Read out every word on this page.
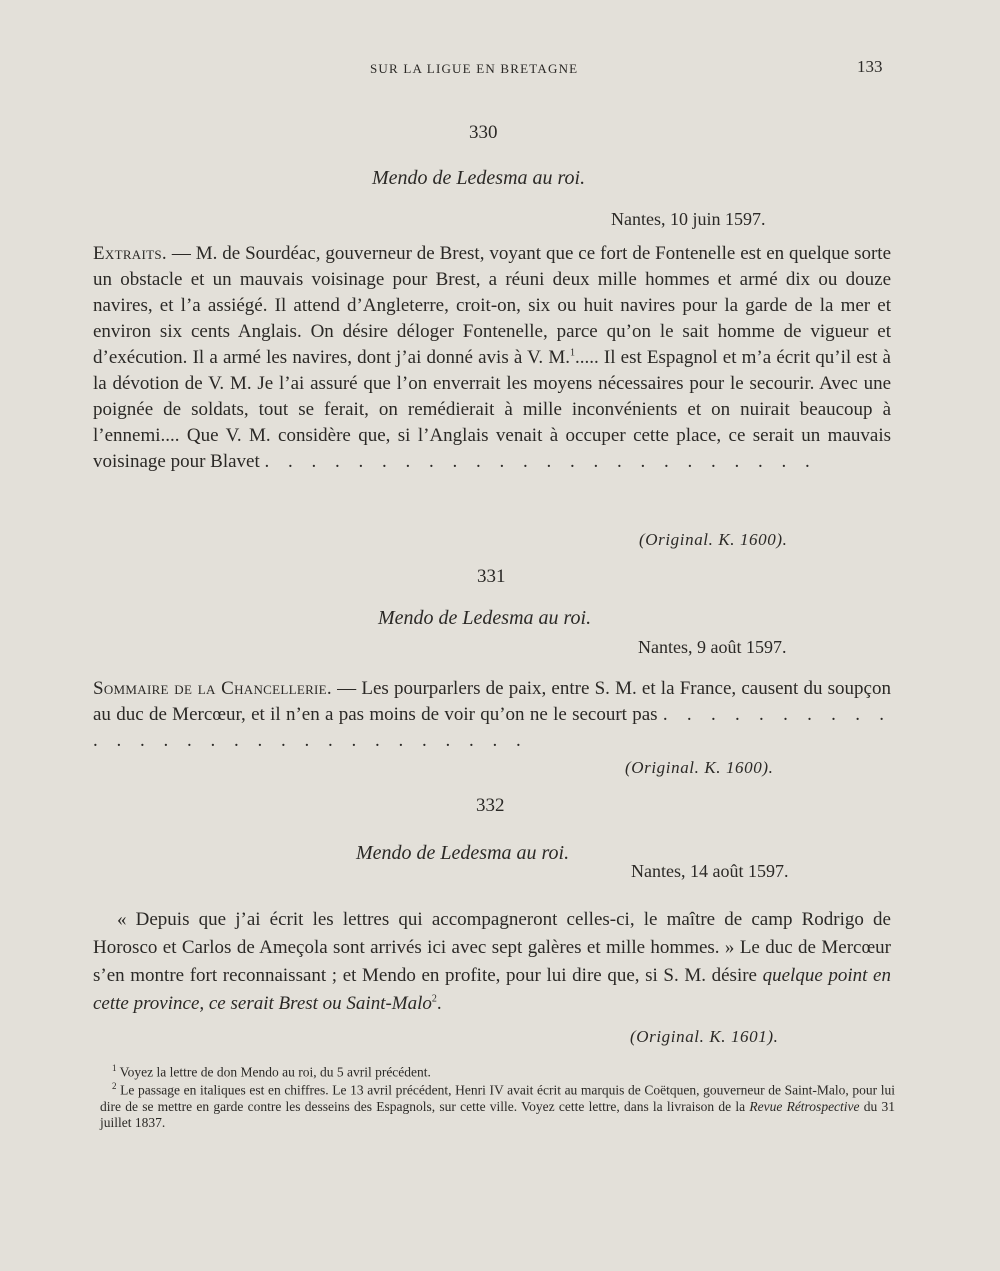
SUR LA LIGUE EN BRETAGNE	133
330
Mendo de Ledesma au roi.
Nantes, 10 juin 1597.

Extraits. — M. de Sourdéac, gouverneur de Brest, voyant que ce fort de Fontenelle est en quelque sorte un obstacle et un mauvais voisinage pour Brest, a réuni deux mille hommes et armé dix ou douze navires, et l’a assiégé. Il attend d’Angleterre, croit-on, six ou huit navires pour la garde de la mer et environ six cents Anglais. On désire déloger Fontenelle, parce qu’on le sait homme de vigueur et d’exécution. Il a armé les navires, dont j’ai donné avis à V. M.$^1$..... Il est Espagnol et m’a écrit qu’il est à la dévotion de V. M. Je l’ai assuré que l’on enverrait les moyens nécessaires pour le secourir. Avec une poignée de soldats, tout se ferait, on remédierait à mille inconvénients et on nuirait beaucoup à l’ennemi.... Que V. M. considère que, si l’Anglais venait à occuper cette place, ce serait un mauvais voisinage pour Blavet . . . . . . . . . . . . . . . . . . . . . . . .

(Original. K. 1600).
331
Mendo de Ledesma au roi.
Nantes, 9 août 1597.

Sommaire de la Chancellerie. — Les pourparlers de paix, entre S. M. et la France, causent du soupçon au duc de Mercœur, et il n’en a pas moins de voir qu’on ne le secourt pas . . . . . . . . . . . . . . . . . . . . . . . . . . . . .

(Original. K. 1600).
332
Mendo de Ledesma au roi.
Nantes, 14 août 1597.

« Depuis que j’ai écrit les lettres qui accompagneront celles-ci, le maître de camp Rodrigo de Horosco et Carlos de Ameçola sont arrivés ici avec sept galères et mille hommes. » Le duc de Mercœur s’en montre fort reconnaissant ; et Mendo en profite, pour lui dire que, si S. M. désire quelque point en cette province, ce serait Brest ou Saint-Malo$^2$.

(Original. K. 1601).

$^1$ Voyez la lettre de don Mendo au roi, du 5 avril précédent.

$^2$ Le passage en italiques est en chiffres. Le 13 avril précédent, Henri IV avait écrit au marquis de Coëtquen, gouverneur de Saint-Malo, pour lui dire de se mettre en garde contre les desseins des Espagnols, sur cette ville. Voyez cette lettre, dans la livraison de la Revue Rétrospective du 31 juillet 1837.
